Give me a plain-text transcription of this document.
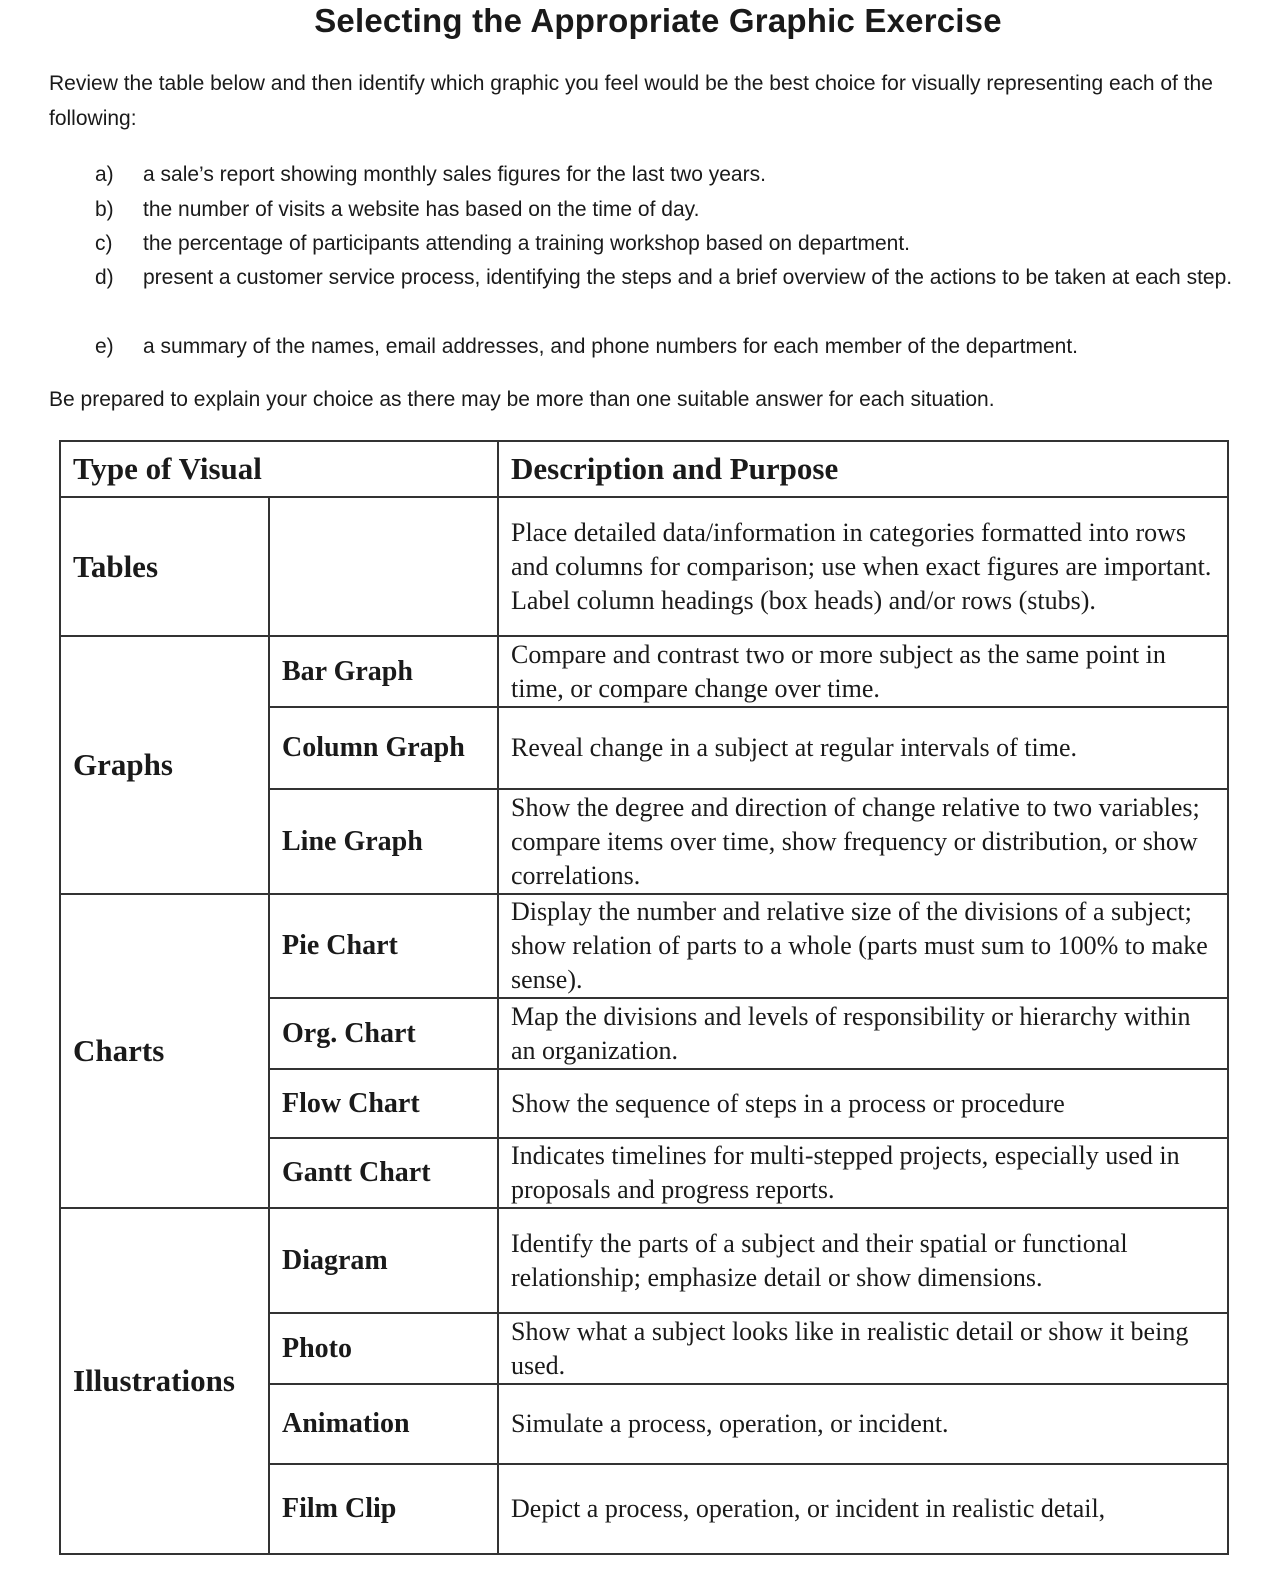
Selecting the Appropriate Graphic Exercise
Review the table below and then identify which graphic you feel would be the best choice for visually representing each of the following:
a) a sale’s report showing monthly sales figures for the last two years.
b) the number of visits a website has based on the time of day.
c) the percentage of participants attending a training workshop based on department.
d) present a customer service process, identifying the steps and a brief overview of the actions to be taken at each step.
e) a summary of the names, email addresses, and phone numbers for each member of the department.
Be prepared to explain your choice as there may be more than one suitable answer for each situation.
Type of Visual		Description and Purpose
Tables		Place detailed data/information in categories formatted into rows and columns for comparison; use when exact figures are important. Label column headings (box heads) and/or rows (stubs).
Graphs	Bar Graph	Compare and contrast two or more subject as the same point in time, or compare change over time.
	Column Graph	Reveal change in a subject at regular intervals of time.
	Line Graph	Show the degree and direction of change relative to two variables; compare items over time, show frequency or distribution, or show correlations.
Charts	Pie Chart	Display the number and relative size of the divisions of a subject; show relation of parts to a whole (parts must sum to 100% to make sense).
	Org. Chart	Map the divisions and levels of responsibility or hierarchy within an organization.
	Flow Chart	Show the sequence of steps in a process or procedure
	Gantt Chart	Indicates timelines for multi-stepped projects, especially used in proposals and progress reports.
Illustrations	Diagram	Identify the parts of a subject and their spatial or functional relationship; emphasize detail or show dimensions.
	Photo	Show what a subject looks like in realistic detail or show it being used.
	Animation	Simulate a process, operation, or incident.
	Film Clip	Depict a process, operation, or incident in realistic detail,
